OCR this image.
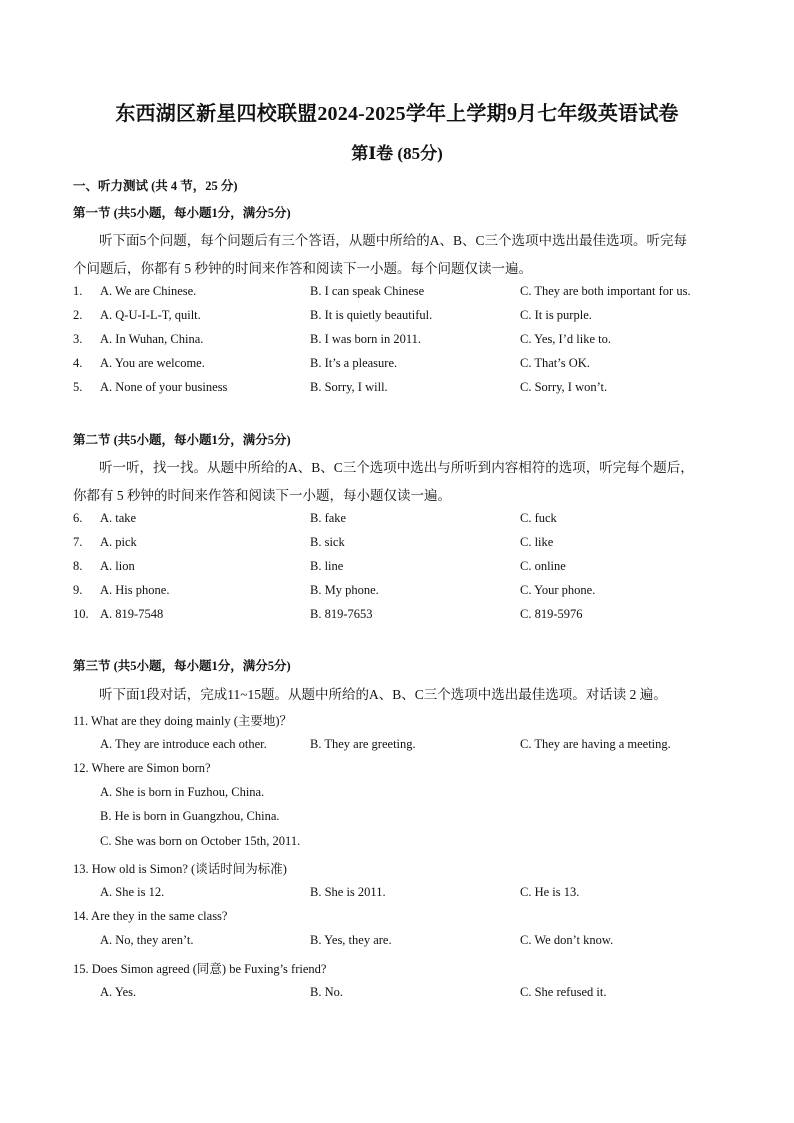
东西湖区新星四校联盟2024-2025学年上学期9月七年级英语试卷
第Ⅰ卷 (85分)
一、听力测试 (共 4 节，25 分)
第一节 (共5小题，每小题1分，满分5分)
听下面5个问题，每个问题后有三个答语，从题中所给的A、B、C三个选项中选出最佳选项。听完每
个问题后，你都有 5 秒钟的时间来作答和阅读下一小题。每个问题仅读一遍。
1. A. We are Chinese.	B. I can speak Chinese	C. They are both important for us.
2. A. Q-U-I-L-T, quilt.	B. It is quietly beautiful.	C. It is purple.
3. A. In Wuhan, China.	B. I was born in 2011.	C. Yes, I’d like to.
4. A. You are welcome.	B. It’s a pleasure.	C. That’s OK.
5. A. None of your business	B. Sorry, I will.	C. Sorry, I won’t.
第二节 (共5小题，每小题1分，满分5分)
听一听，找一找。从题中所给的A、B、C三个选项中选出与所听到内容相符的选项，听完每个题后，
你都有 5 秒钟的时间来作答和阅读下一小题，每小题仅读一遍。
6. A. take	B. fake	C. fuck
7. A. pick	B. sick	C. like
8. A. lion	B. line	C. online
9. A. His phone.	B. My phone.	C. Your phone.
10. A. 819-7548	B. 819-7653	C. 819-5976
第三节 (共5小题，每小题1分，满分5分)
听下面1段对话，完成11~15题。从题中所给的A、B、C三个选项中选出最佳选项。对话读 2 遍。
11. What are they doing mainly (主要地)？
A. They are introduce each other.	B. They are greeting.	C. They are having a meeting.
12. Where are Simon born?
A. She is born in Fuzhou, China.
B. He is born in Guangzhou, China.
C. She was born on October 15th, 2011.
13. How old is Simon? (谈话时间为标准)
A. She is 12.	B. She is 2011.	C. He is 13.
14. Are they in the same class?
A. No, they aren’t.	B. Yes, they are.	C. We don’t know.
15. Does Simon agreed (同意) be Fuxing’s friend?
A. Yes.	B. No.	C. She refused it.
